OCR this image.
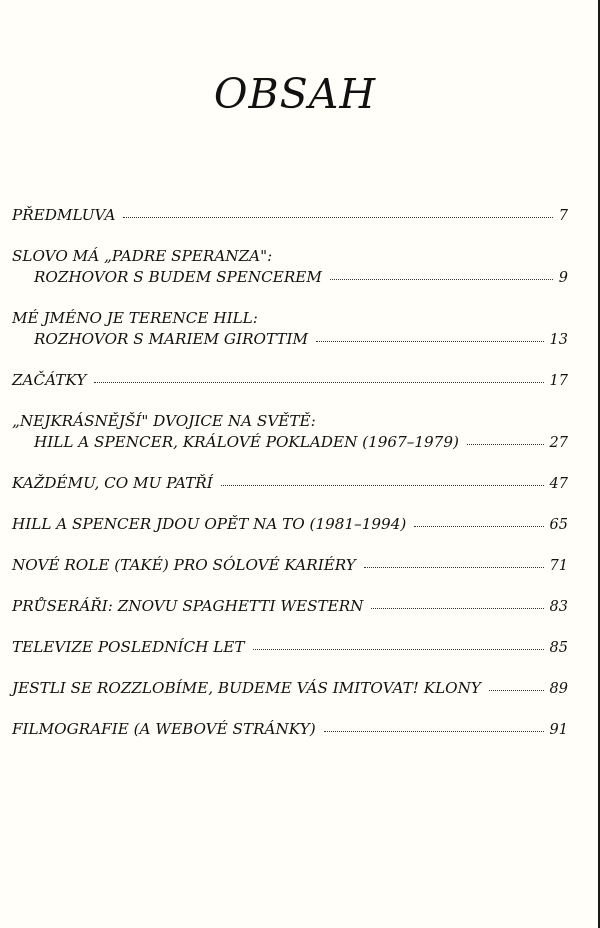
OBSAH
PŘEDMLUVA	7
SLOVO MÁ „PADRE SPERANZA":
ROZHOVOR S BUDEM SPENCEREM	9
MÉ JMÉNO JE TERENCE HILL:
ROZHOVOR S MARIEM GIROTTIM	13
ZAČÁTKY	17
„NEJKRÁSNĚJŠÍ" DVOJICE NA SVĚTĚ:
HILL A SPENCER, KRÁLOVÉ POKLADEN (1967–1979)	27
KAŽDÉMU, CO MU PATŘÍ	47
HILL A SPENCER JDOU OPĚT NA TO (1981–1994)	65
NOVÉ ROLE (TAKÉ) PRO SÓLOVÉ KARIÉRY	71
PRŮSERÁŘI: ZNOVU SPAGHETTI WESTERN	83
TELEVIZE POSLEDNÍCH LET	85
JESTLI SE ROZZLOBÍME, BUDEME VÁS IMITOVAT! KLONY	89
FILMOGRAFIE (A WEBOVÉ STRÁNKY)	91
